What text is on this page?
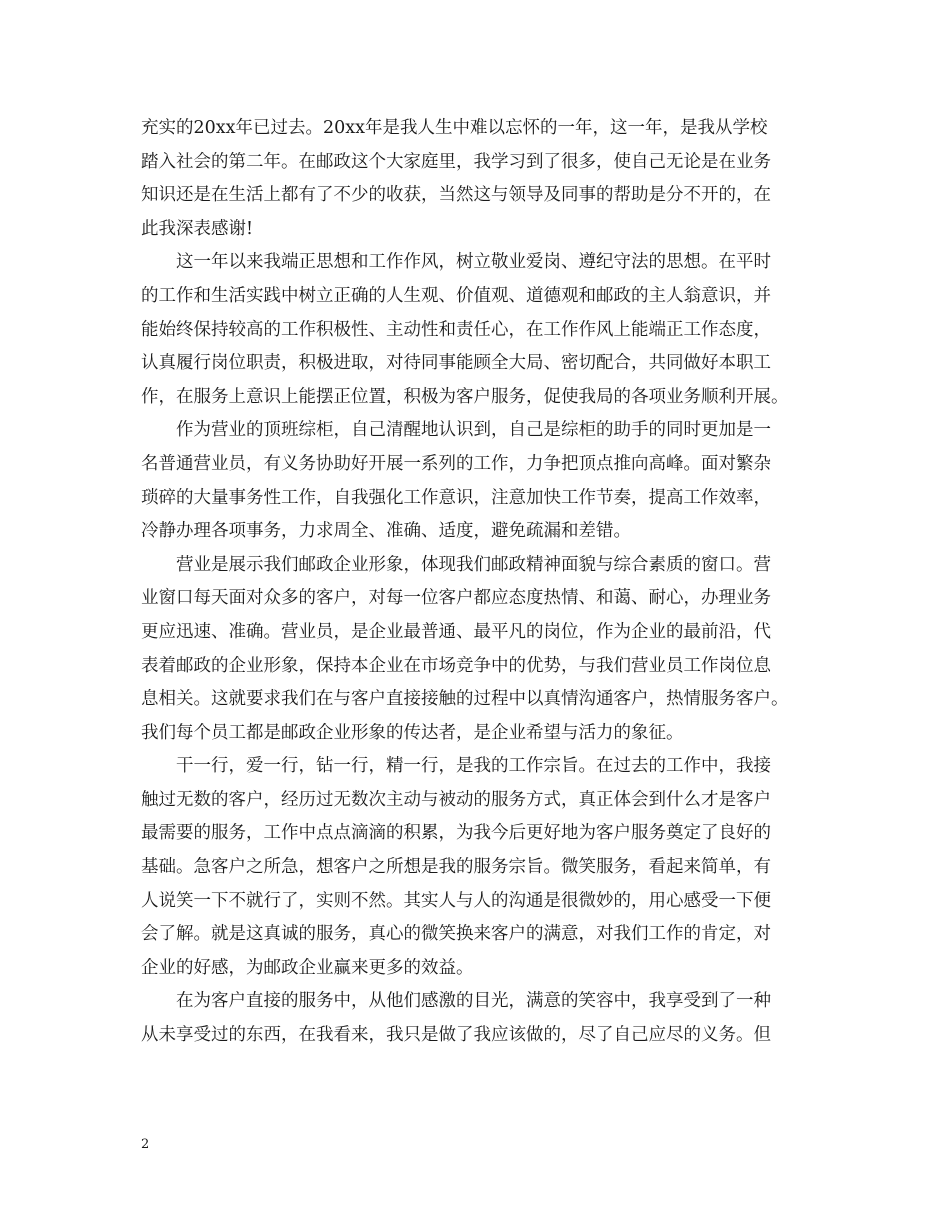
充实的20xx年已过去。20xx年是我人生中难以忘怀的一年，这一年，是我从学校
踏入社会的第二年。在邮政这个大家庭里，我学习到了很多，使自己无论是在业务
知识还是在生活上都有了不少的收获，当然这与领导及同事的帮助是分不开的，在
此我深表感谢!
这一年以来我端正思想和工作作风，树立敬业爱岗、遵纪守法的思想。在平时
的工作和生活实践中树立正确的人生观、价值观、道德观和邮政的主人翁意识，并
能始终保持较高的工作积极性、主动性和责任心，在工作作风上能端正工作态度，
认真履行岗位职责，积极进取，对待同事能顾全大局、密切配合，共同做好本职工
作，在服务上意识上能摆正位置，积极为客户服务，促使我局的各项业务顺利开展。
作为营业的顶班综柜，自己清醒地认识到，自己是综柜的助手的同时更加是一
名普通营业员，有义务协助好开展一系列的工作，力争把顶点推向高峰。面对繁杂
琐碎的大量事务性工作，自我强化工作意识，注意加快工作节奏，提高工作效率，
冷静办理各项事务，力求周全、准确、适度，避免疏漏和差错。
营业是展示我们邮政企业形象，体现我们邮政精神面貌与综合素质的窗口。营
业窗口每天面对众多的客户，对每一位客户都应态度热情、和蔼、耐心，办理业务
更应迅速、准确。营业员，是企业最普通、最平凡的岗位，作为企业的最前沿，代
表着邮政的企业形象，保持本企业在市场竞争中的优势，与我们营业员工作岗位息
息相关。这就要求我们在与客户直接接触的过程中以真情沟通客户，热情服务客户。
我们每个员工都是邮政企业形象的传达者，是企业希望与活力的象征。
干一行，爱一行，钻一行，精一行，是我的工作宗旨。在过去的工作中，我接
触过无数的客户，经历过无数次主动与被动的服务方式，真正体会到什么才是客户
最需要的服务，工作中点点滴滴的积累，为我今后更好地为客户服务奠定了良好的
基础。急客户之所急，想客户之所想是我的服务宗旨。微笑服务，看起来简单，有
人说笑一下不就行了，实则不然。其实人与人的沟通是很微妙的，用心感受一下便
会了解。就是这真诚的服务，真心的微笑换来客户的满意，对我们工作的肯定，对
企业的好感，为邮政企业赢来更多的效益。
在为客户直接的服务中，从他们感激的目光，满意的笑容中，我享受到了一种
从未享受过的东西，在我看来，我只是做了我应该做的，尽了自己应尽的义务。但
2
